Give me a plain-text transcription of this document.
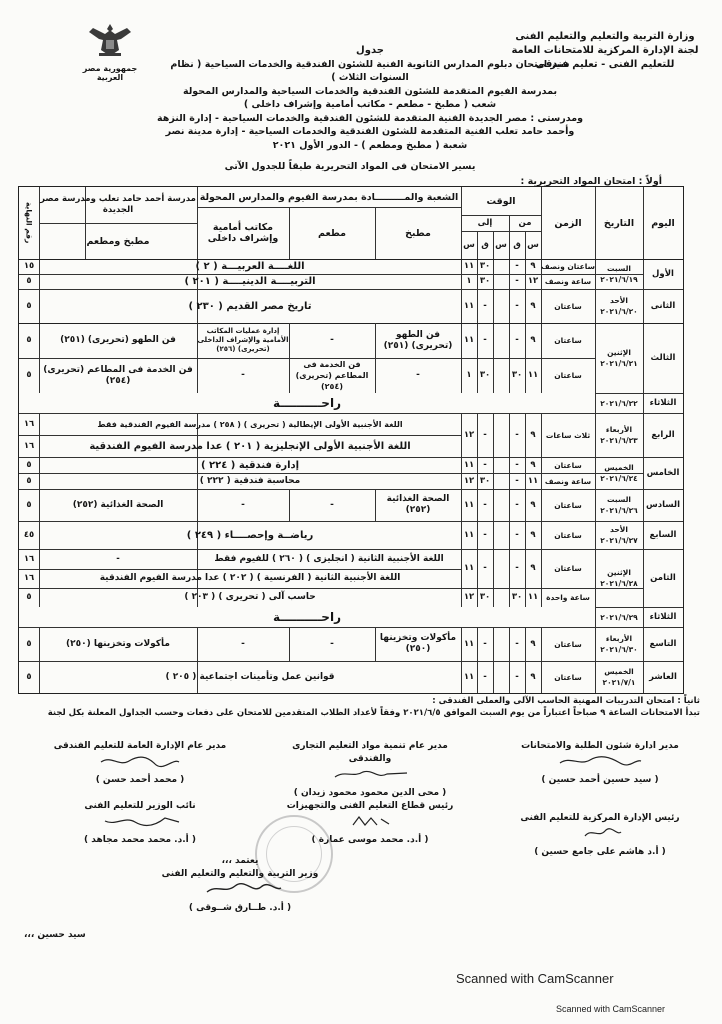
وزارة التربية والتعليم والتعليم الفنى
لجنة الإدارة المركزية للامتحانات العامة
للتعليم الفنى - تعليم فندقى
جمهورية مصر العربية
جدول
سير امتحان دبلوم المدارس الثانوية الفنية للشئون الفندقية والخدمات السياحية ( نظام السنوات الثلاث )
بمدرسة الفيوم المتقدمة للشئون الفندقية والخدمات السياحية والمدارس المحولة
شعب ( مطبخ - مطعم - مكاتب أمامية وإشراف داخلى )
ومدرستى : مصر الجديدة الفنية المتقدمة للشئون الفندقية والخدمات السياحية - إدارة النزهة
وأحمد حامد تعلب الفنية المتقدمة للشئون الفندقية والخدمات السياحية - إدارة مدينة نصر
شعبة ( مطبخ ومطعم ) - الدور الأول ٢٠٢١
يسير الامتحان فى المواد التحريرية طبقاً للجدول الآتى
أولاً : امتحان المواد التحريرية :
اليوم
التاريخ
الزمن
الوقت
من
إلى
س
ق
س
ق
س
الشعبة والمـــــــــادة بمدرسة الفيوم والمدارس المحولة
مطبخ
مطعم
مكاتب أمامية وإشراف داخلى
مدرسة أحمد حامد تعلب ومدرسة مصر الجديدة
مطبخ ومطعم
رقم النهاية
الأول
السبت ٢٠٢١/٦/١٩
ساعتان ونصف
ساعة ونصف
٩
-
٣٠
١١
١٢
-
٣٠
١
اللغــــة العربيـــة ( ٢ )
التربيــــة الدينيــــة ( ٢٠١ )
١٥
٥
الثانى
الأحد ٢٠٢١/٦/٢٠
ساعتان
٩
-
-
١١
تاريخ مصر القديم ( ٢٣٠ )
٥
الثالث
الإثنين ٢٠٢١/٦/٢١
ساعتان
ساعتان
٩
-
-
١١
١١
٣٠
٣٠
١
فن الطهو (تحريرى) (٢٥١)
-
-
فن الخدمة فى المطاعم (تحريرى) (٢٥٤)
إدارة عمليات المكاتب الأمامية والإشراف الداخلى (تحريرى) (٢٥٦)
-
فن الطهو (تحريرى) (٢٥١)
فن الخدمة فى المطاعم (تحريرى) (٢٥٤)
٥
٥
الثلاثاء
٢٠٢١/٦/٢٢
راحــــــــــة
الرابع
الأربعاء ٢٠٢١/٦/٢٣
ثلاث ساعات
٩
-
-
١٢
اللغة الأجنبية الأولى الإيطالية ( تحريرى ) ( ٢٥٨ ) مدرسة الفيوم الفندقية فقط
اللغة الأجنبية الأولى الإنجليزية ( ٢٠١ ) عدا مدرسة الفيوم الفندقية
١٦
١٦
الخامس
الخميس ٢٠٢١/٦/٢٤
ساعتان
ساعة ونصف
٩
-
-
١١
١١
-
٣٠
١٢
إدارة فندقية ( ٢٢٤ )
محاسبة فندقية ( ٢٢٢ )
٥
٥
السادس
السبت ٢٠٢١/٦/٢٦
ساعتان
٩
-
-
١١
الصحة الغذائية (٢٥٢)
-
-
الصحة الغذائية (٢٥٢)
٥
السابع
الأحد ٢٠٢١/٦/٢٧
ساعتان
٩
-
-
١١
رياضــة وإحصــــاء ( ٢٤٩ )
٤٥
الثامن
الإثنين ٢٠٢١/٦/٢٨
ساعتان
ساعة واحدة
٩
-
-
١١
١١
٣٠
٣٠
١٢
اللغة الأجنبية الثانية ( انجليزى ) ( ٢٦٠ ) للفيوم فقط
-
اللغة الأجنبية الثانية ( الفرنسية ) ( ٢٠٢ ) عدا مدرسة الفيوم الفندقية
حاسب آلى ( تحريرى ) ( ٢٠٣ )
١٦
١٦
٥
الثلاثاء
٢٠٢١/٦/٢٩
راحــــــــــة
التاسع
الأربعاء ٢٠٢١/٦/٣٠
ساعتان
٩
-
-
١١
مأكولات وتخزينها (٢٥٠)
-
-
مأكولات وتخزينها (٢٥٠)
٥
العاشر
الخميس ٢٠٢١/٧/١
ساعتان
٩
-
-
١١
قوانين عمل وتأمينات اجتماعية ( ٢٠٥ )
٥
ثانياً : امتحان التدريبات المهنية الحاسب الآلى والعملى الفندقى :
تبدأ الامتحانات الساعة ٩ صباحاً اعتباراً من يوم السبت الموافق ٢٠٢١/٦/٥ وفقاً لأعداد الطلاب المتقدمين للامتحان على دفعات وحسب الجداول المعلنة بكل لجنة
مدير ادارة شئون الطلبة والامتحانات
( سيد حسين أحمد حسين )
مدير عام تنمية مواد التعليم التجارى والفندقى
( محى الدين محمود محمود زيدان )
مدير عام الإدارة العامة للتعليم الفندقى
( محمد أحمد حسن )
رئيس الإدارة المركزية للتعليم الفنى
( أ.د هاشم على جامع حسين )
رئيس قطاع التعليم الفنى والتجهيزات
( أ.د. محمد موسى عمارة )
نائب الوزير للتعليم الفنى
( أ.د. محمد محمد مجاهد )
يعتمد ،،،
وزير التربية والتعليم والتعليم الفنى
( أ.د. طــارق شــوقى )
سيد حسين ،،،
Scanned with CamScanner
Scanned with CamScanner
